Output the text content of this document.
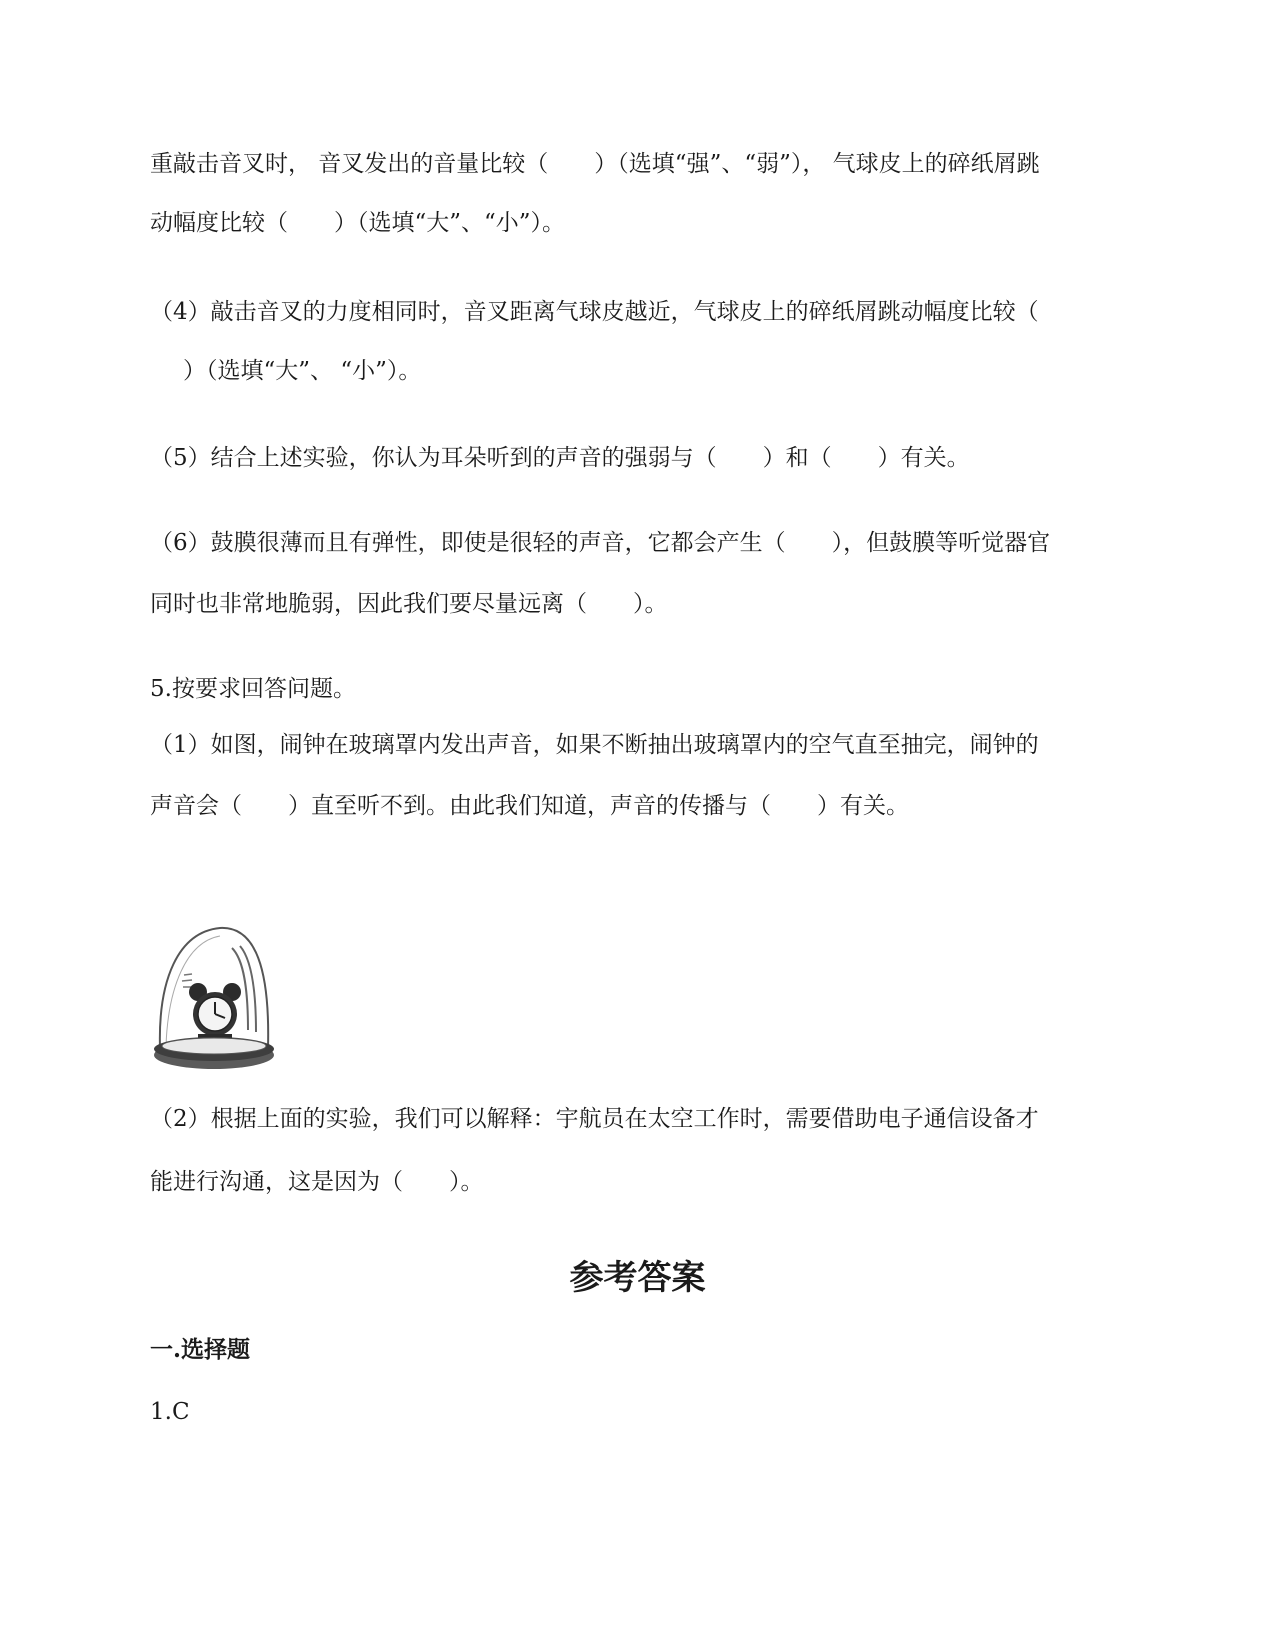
重敲击音叉时， 音叉发出的音量比较（　　）（选填“强”、“弱”）， 气球皮上的碎纸屑跳
动幅度比较（　　）（选填“大”、“小”）。
（4）敲击音叉的力度相同时，音叉距离气球皮越近，气球皮上的碎纸屑跳动幅度比较（
）（选填“大”、 “小”）。
（5）结合上述实验，你认为耳朵听到的声音的强弱与（　　）和（　　）有关。
（6）鼓膜很薄而且有弹性，即使是很轻的声音，它都会产生（　　），但鼓膜等听觉器官
同时也非常地脆弱，因此我们要尽量远离（　　）。
5.按要求回答问题。
（1）如图，闹钟在玻璃罩内发出声音，如果不断抽出玻璃罩内的空气直至抽完，闹钟的
声音会（　　）直至听不到。由此我们知道，声音的传播与（　　）有关。
（2）根据上面的实验，我们可以解释：宇航员在太空工作时，需要借助电子通信设备才
能进行沟通，这是因为（　　）。
参考答案
一.选择题
1.C
